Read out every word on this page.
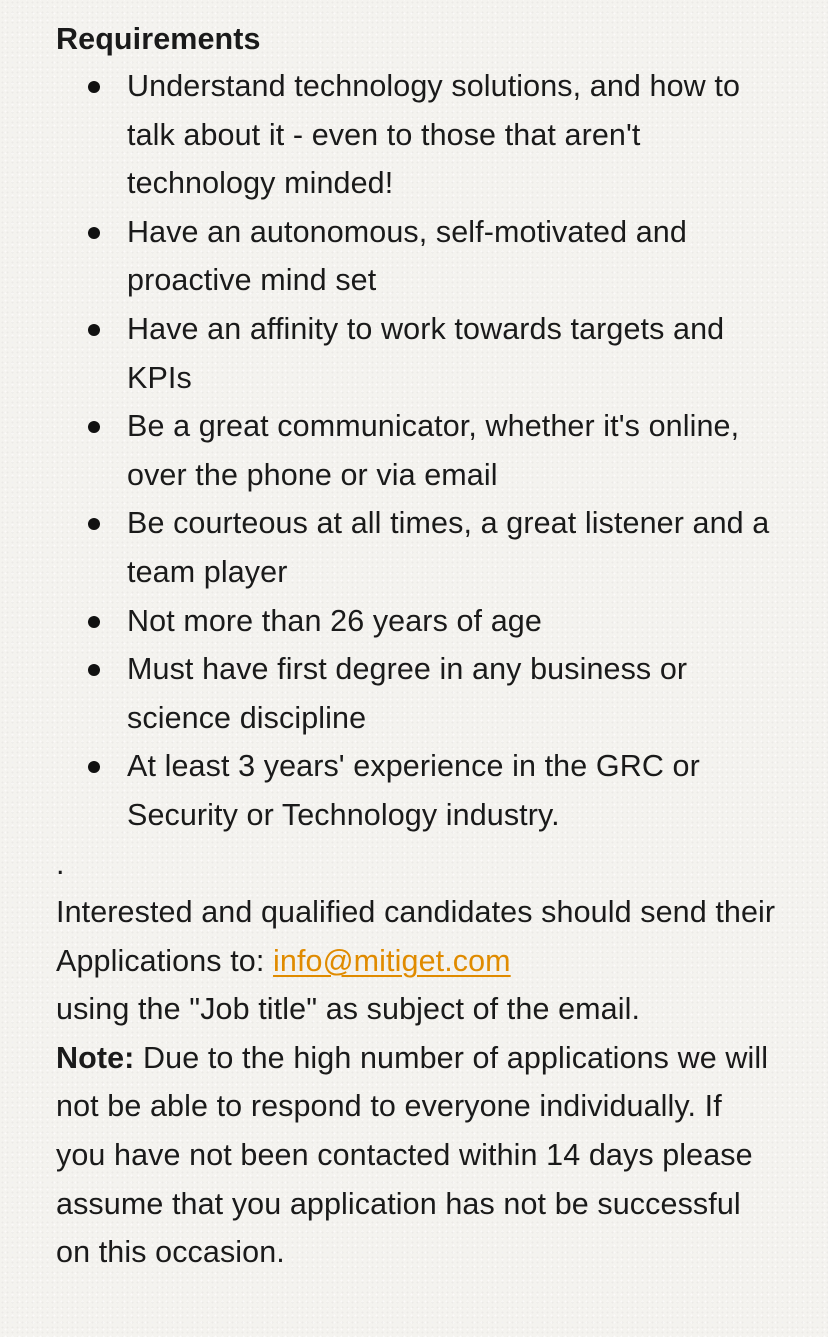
Requirements

Understand technology solutions, and how to talk about it - even to those that aren't technology minded!
Have an autonomous, self-motivated and proactive mind set
Have an affinity to work towards targets and KPIs
Be a great communicator, whether it's online, over the phone or via email
Be courteous at all times, a great listener and a team player
Not more than 26 years of age
Must have first degree in any business or science discipline
At least 3 years' experience in the GRC or Security or Technology industry.

.

Interested and qualified candidates should send their Applications to: info@mitiget.com
using the "Job title" as subject of the email.

Note: Due to the high number of applications we will not be able to respond to everyone individually. If you have not been contacted within 14 days please assume that you application has not be successful on this occasion.
